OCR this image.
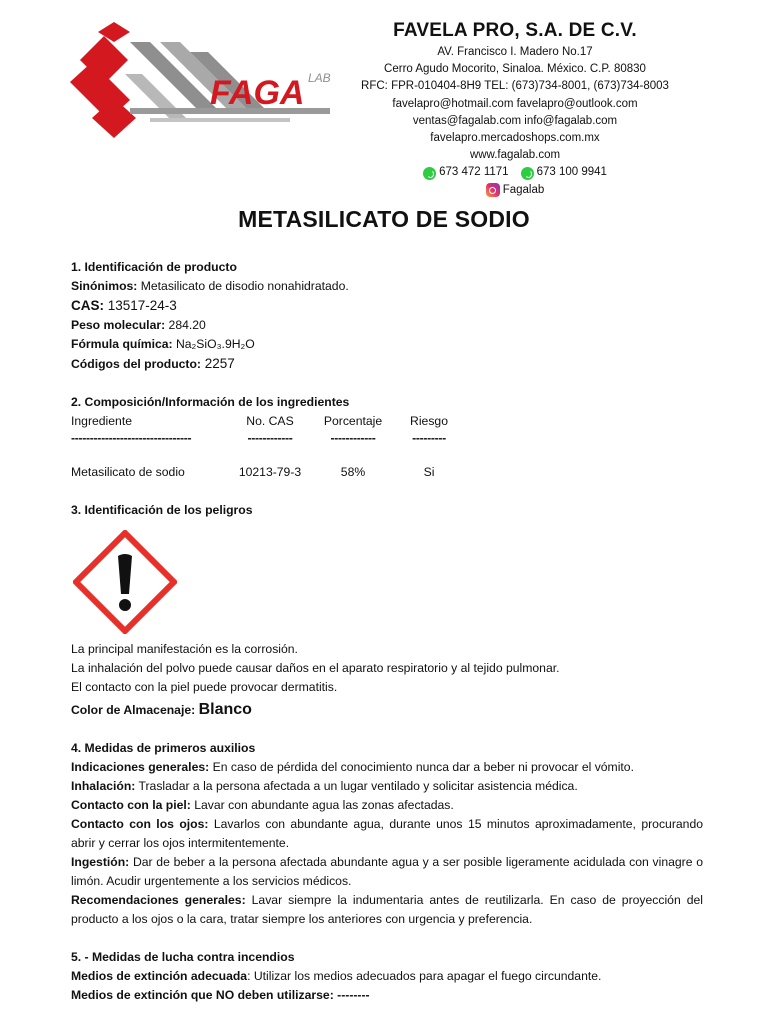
FAGA LAB
FAVELA PRO, S.A. DE C.V.
AV. Francisco I. Madero No.17
Cerro Agudo Mocorito, Sinaloa. México. C.P. 80830
RFC: FPR-010404-8H9 TEL: (673)734-8001, (673)734-8003
favelapro@hotmail.com favelapro@outlook.com
ventas@fagalab.com info@fagalab.com
favelapro.mercadoshops.com.mx
www.fagalab.com
673 472 1171 673 100 9941
Fagalab
METASILICATO DE SODIO
1. Identificación de producto
Sinónimos: Metasilicato de disodio nonahidratado.
CAS: 13517-24-3
Peso molecular: 284.20
Fórmula química: Na₂SiO₃.9H₂O
Códigos del producto: 2257
2. Composición/Información de los ingredientes
Ingrediente	No. CAS	Porcentaje	Riesgo
--------------------------------	------------	------------	---------

Metasilicato de sodio	10213-79-3	58%	Si
3. Identificación de los peligros
La principal manifestación es la corrosión.
La inhalación del polvo puede causar daños en el aparato respiratorio y al tejido pulmonar.
El contacto con la piel puede provocar dermatitis.
Color de Almacenaje: Blanco
4. Medidas de primeros auxilios
Indicaciones generales: En caso de pérdida del conocimiento nunca dar a beber ni provocar el vómito.
Inhalación: Trasladar a la persona afectada a un lugar ventilado y solicitar asistencia médica.
Contacto con la piel: Lavar con abundante agua las zonas afectadas.
Contacto con los ojos: Lavarlos con abundante agua, durante unos 15 minutos aproximadamente, procurando abrir y cerrar los ojos intermitentemente.
Ingestión: Dar de beber a la persona afectada abundante agua y a ser posible ligeramente acidulada con vinagre o limón. Acudir urgentemente a los servicios médicos.
Recomendaciones generales: Lavar siempre la indumentaria antes de reutilizarla. En caso de proyección del producto a los ojos o la cara, tratar siempre los anteriores con urgencia y preferencia.
5. - Medidas de lucha contra incendios
Medios de extinción adecuada: Utilizar los medios adecuados para apagar el fuego circundante.
Medios de extinción que NO deben utilizarse: --------
